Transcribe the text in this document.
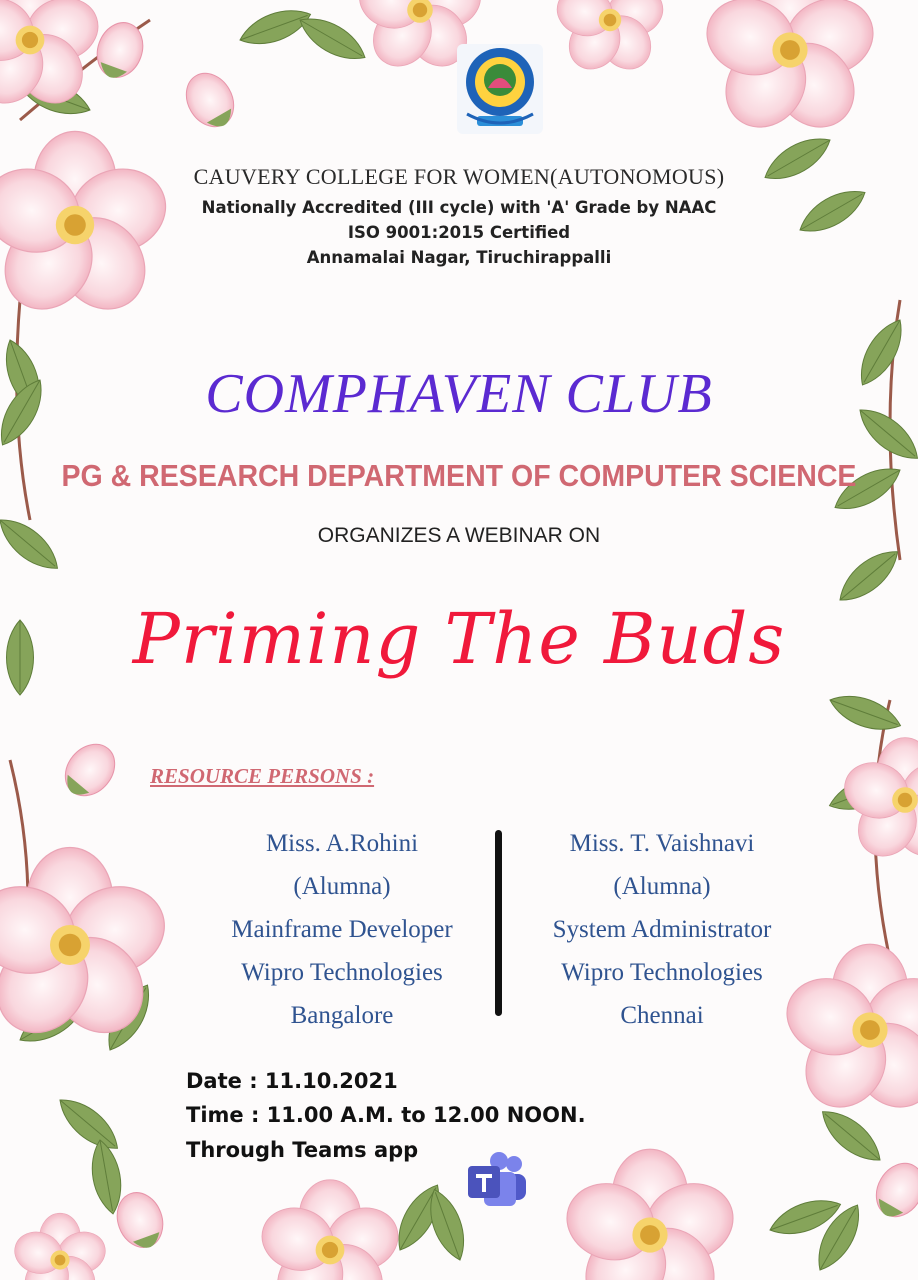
CAUVERY COLLEGE FOR WOMEN(AUTONOMOUS)
Nationally Accredited (III cycle) with 'A' Grade by NAAC
ISO 9001:2015 Certified
Annamalai Nagar, Tiruchirappalli
COMPHAVEN CLUB
PG & RESEARCH DEPARTMENT OF COMPUTER SCIENCE
ORGANIZES A WEBINAR ON
Priming The Buds
RESOURCE PERSONS :
Miss. A.Rohini
(Alumna)
Mainframe Developer
Wipro Technologies
Bangalore
Miss. T. Vaishnavi
(Alumna)
System Administrator
Wipro Technologies
Chennai
Date : 11.10.2021
Time : 11.00 A.M. to 12.00 NOON.
Through Teams app
